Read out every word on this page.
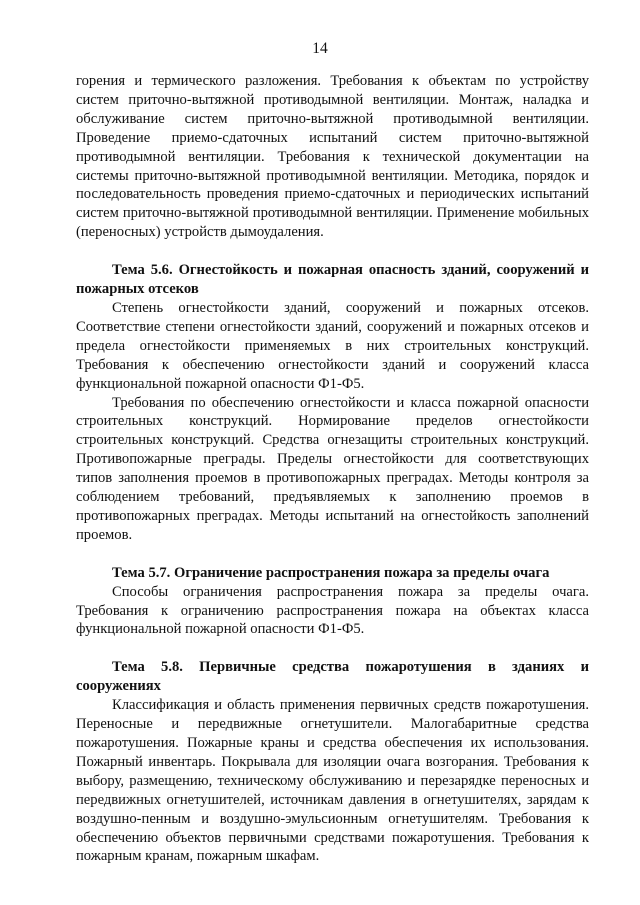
14

горения и термического разложения. Требования к объектам по устройству систем приточно-вытяжной противодымной вентиляции. Монтаж, наладка и обслуживание систем приточно-вытяжной противодымной вентиляции. Проведение приемо-сдаточных испытаний систем приточно-вытяжной противодымной вентиляции. Требования к технической документации на системы приточно-вытяжной противодымной вентиляции. Методика, порядок и последовательность проведения приемо-сдаточных и периодических испытаний систем приточно-вытяжной противодымной вентиляции. Применение мобильных (переносных) устройств дымоудаления.

Тема 5.6. Огнестойкость и пожарная опасность зданий, сооружений и пожарных отсеков

Степень огнестойкости зданий, сооружений и пожарных отсеков. Соответствие степени огнестойкости зданий, сооружений и пожарных отсеков и предела огнестойкости применяемых в них строительных конструкций. Требования к обеспечению огнестойкости зданий и сооружений класса функциональной пожарной опасности Ф1-Ф5.

Требования по обеспечению огнестойкости и класса пожарной опасности строительных конструкций. Нормирование пределов огнестойкости строительных конструкций. Средства огнезащиты строительных конструкций. Противопожарные преграды. Пределы огнестойкости для соответствующих типов заполнения проемов в противопожарных преградах. Методы контроля за соблюдением требований, предъявляемых к заполнению проемов в противопожарных преградах. Методы испытаний на огнестойкость заполнений проемов.

Тема 5.7. Ограничение распространения пожара за пределы очага

Способы ограничения распространения пожара за пределы очага. Требования к ограничению распространения пожара на объектах класса функциональной пожарной опасности Ф1-Ф5.

Тема 5.8. Первичные средства пожаротушения в зданиях и сооружениях

Классификация и область применения первичных средств пожаротушения. Переносные и передвижные огнетушители. Малогабаритные средства пожаротушения. Пожарные краны и средства обеспечения их использования. Пожарный инвентарь. Покрывала для изоляции очага возгорания. Требования к выбору, размещению, техническому обслуживанию и перезарядке переносных и передвижных огнетушителей, источникам давления в огнетушителях, зарядам к воздушно-пенным и воздушно-эмульсионным огнетушителям. Требования к обеспечению объектов первичными средствами пожаротушения. Требования к пожарным кранам, пожарным шкафам.
